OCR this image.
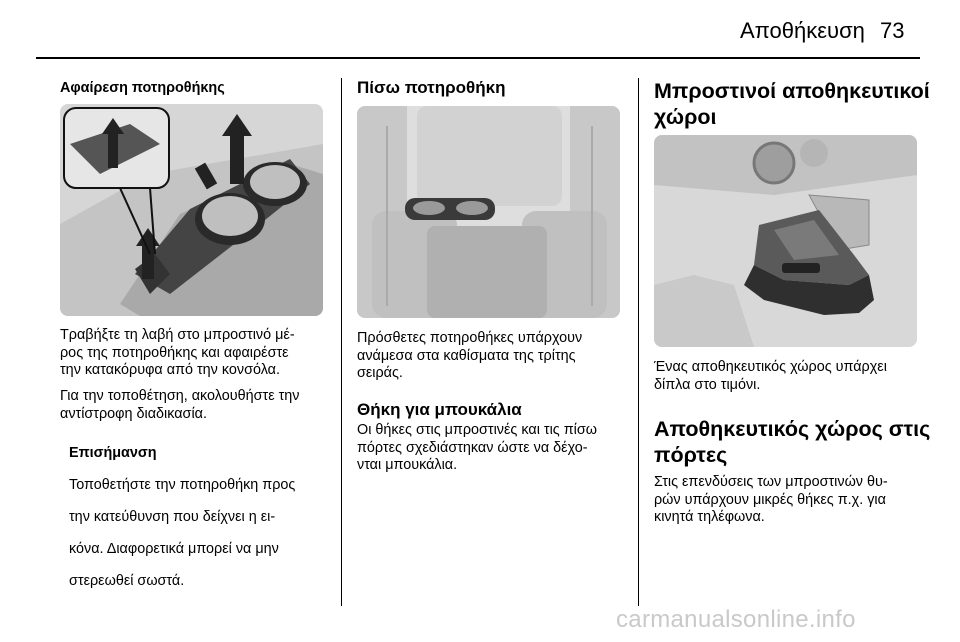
Αποθήκευση 73
Αφαίρεση ποτηροθήκης

Τραβήξτε τη λαβή στο μπροστινό μέ-

ρος της ποτηροθήκης και αφαιρέστε

την κατακόρυφα από την κονσόλα.

Για την τοποθέτηση, ακολουθήστε την

αντίστροφη διαδικασία.

Επισήμανση

Τοποθετήστε την ποτηροθήκη προς

την κατεύθυνση που δείχνει η ει-

κόνα. Διαφορετικά μπορεί να μην

στερεωθεί σωστά.

Πίσω ποτηροθήκη

Πρόσθετες ποτηροθήκες υπάρχουν

ανάμεσα στα καθίσματα της τρίτης

σειράς.

Θήκη για μπουκάλια

Οι θήκες στις μπροστινές και τις πίσω

πόρτες σχεδιάστηκαν ώστε να δέχο-

νται μπουκάλια.

Μπροστινοί αποθηκευτικοί

χώροι

Ένας αποθηκευτικός χώρος υπάρχει

δίπλα στο τιμόνι.

Αποθηκευτικός χώρος στις

πόρτες

Στις επενδύσεις των μπροστινών θυ-

ρών υπάρχουν μικρές θήκες π.χ. για

κινητά τηλέφωνα.

carmanualsonline.info
